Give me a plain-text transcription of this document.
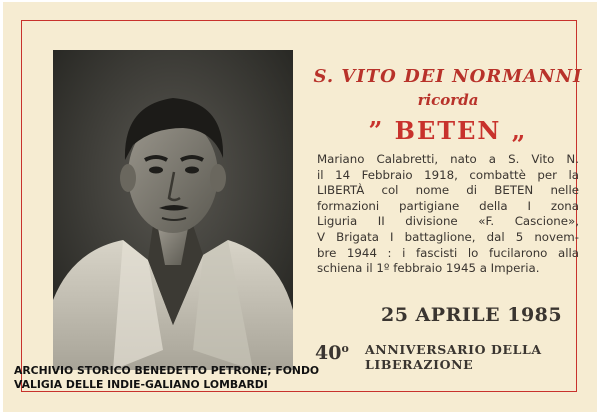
S. VITO DEI NORMANNI
ricorda
” BETEN „
Mariano Calabretti, nato a S. Vito N.
il 14 Febbraio 1918, combattè per la
LIBERTÀ col nome di BETEN nelle
formazioni partigiane della I zona
Liguria II divisione «F. Cascione»,
V Brigata I battaglione, dal 5 novem-
bre 1944 : i fascisti lo fucilarono alla
schiena il 1º febbraio 1945 a Imperia.
25 APRILE 1985
40$^o$ ANNIVERSARIO DELLA
LIBERAZIONE
ARCHIVIO STORICO BENEDETTO PETRONE; FONDO
VALIGIA DELLE INDIE-GALIANO LOMBARDI
